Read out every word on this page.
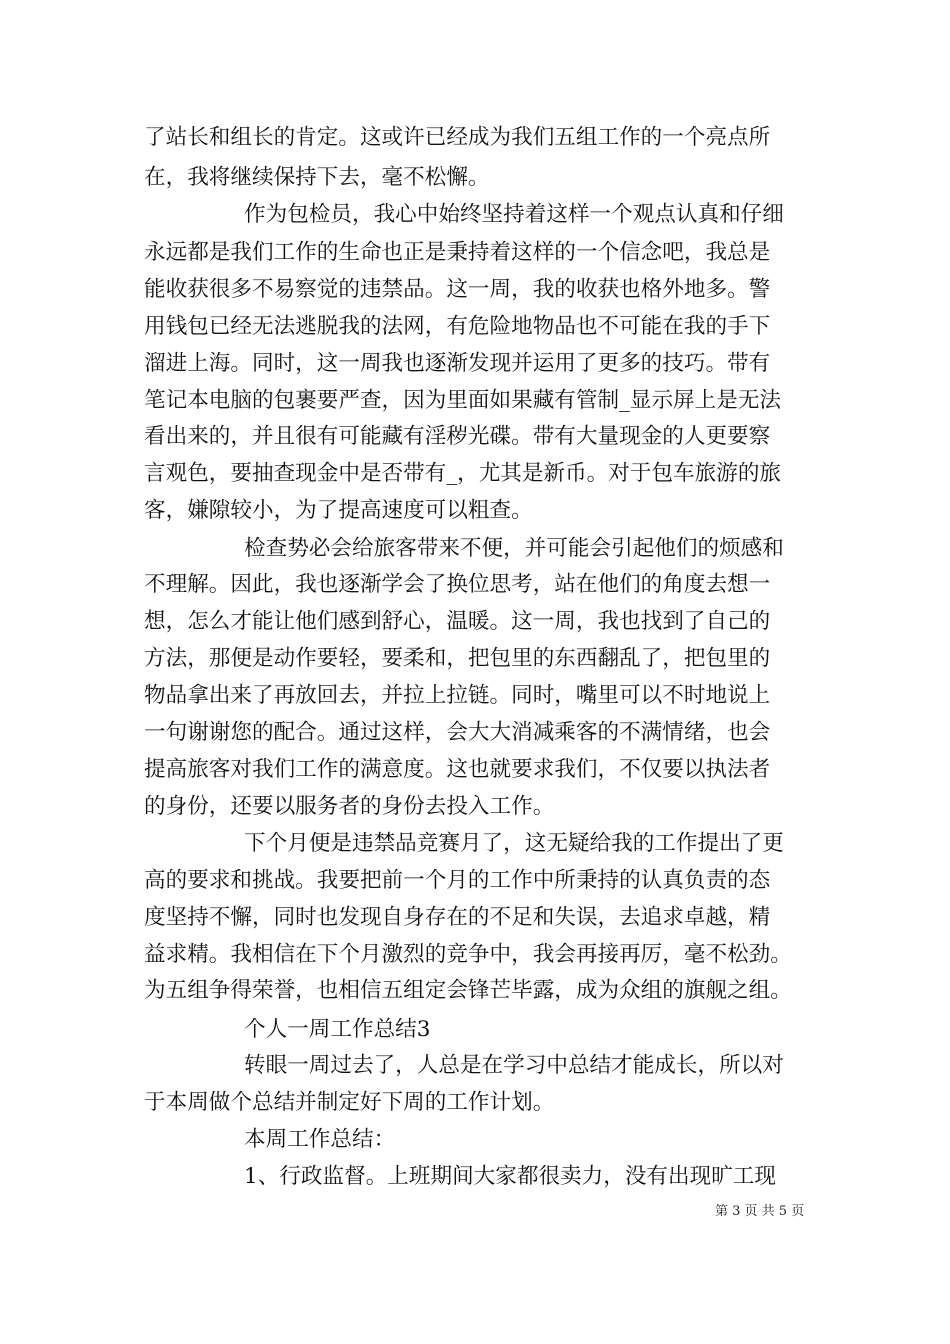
了站长和组长的肯定。这或许已经成为我们五组工作的一个亮点所
在，我将继续保持下去，毫不松懈。
作为包检员，我心中始终坚持着这样一个观点认真和仔细
永远都是我们工作的生命也正是秉持着这样的一个信念吧，我总是
能收获很多不易察觉的违禁品。这一周，我的收获也格外地多。警
用钱包已经无法逃脱我的法网，有危险地物品也不可能在我的手下
溜进上海。同时，这一周我也逐渐发现并运用了更多的技巧。带有
笔记本电脑的包裹要严查，因为里面如果藏有管制_显示屏上是无法
看出来的，并且很有可能藏有淫秽光碟。带有大量现金的人更要察
言观色，要抽查现金中是否带有_，尤其是新币。对于包车旅游的旅
客，嫌隙较小，为了提高速度可以粗查。
检查势必会给旅客带来不便，并可能会引起他们的烦感和
不理解。因此，我也逐渐学会了换位思考，站在他们的角度去想一
想，怎么才能让他们感到舒心，温暖。这一周，我也找到了自己的
方法，那便是动作要轻，要柔和，把包里的东西翻乱了，把包里的
物品拿出来了再放回去，并拉上拉链。同时，嘴里可以不时地说上
一句谢谢您的配合。通过这样，会大大消减乘客的不满情绪，也会
提高旅客对我们工作的满意度。这也就要求我们，不仅要以执法者
的身份，还要以服务者的身份去投入工作。
下个月便是违禁品竞赛月了，这无疑给我的工作提出了更
高的要求和挑战。我要把前一个月的工作中所秉持的认真负责的态
度坚持不懈，同时也发现自身存在的不足和失误，去追求卓越，精
益求精。我相信在下个月激烈的竞争中，我会再接再厉，毫不松劲。
为五组争得荣誉，也相信五组定会锋芒毕露，成为众组的旗舰之组。
个人一周工作总结3
转眼一周过去了，人总是在学习中总结才能成长，所以对
于本周做个总结并制定好下周的工作计划。
本周工作总结：
1、行政监督。上班期间大家都很卖力，没有出现旷工现
第 3 页 共 5 页
